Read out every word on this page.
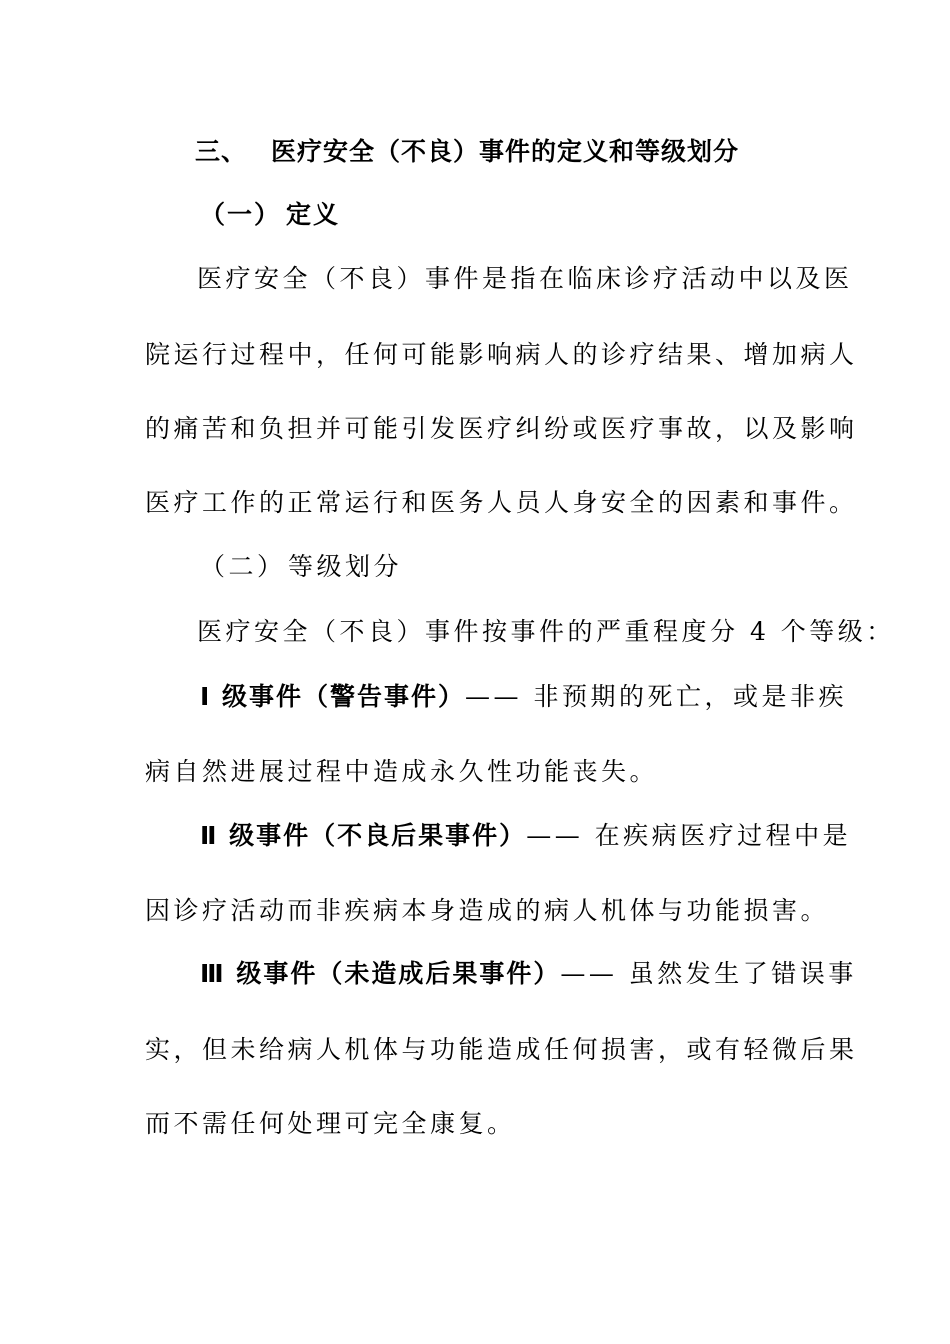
三、 医疗安全（不良）事件的定义和等级划分
（一） 定义
医疗安全（不良）事件是指在临床诊疗活动中以及医
院运行过程中，任何可能影响病人的诊疗结果、增加病人
的痛苦和负担并可能引发医疗纠纷或医疗事故，以及影响
医疗工作的正常运行和医务人员人身安全的因素和事件。
（二）等级划分
医疗安全（不良）事件按事件的严重程度分 4 个等级：
Ⅰ 级事件（警告事件）—— 非预期的死亡，或是非疾
病自然进展过程中造成永久性功能丧失。
Ⅱ 级事件（不良后果事件）—— 在疾病医疗过程中是
因诊疗活动而非疾病本身造成的病人机体与功能损害。
Ⅲ 级事件（未造成后果事件）—— 虽然发生了错误事
实，但未给病人机体与功能造成任何损害，或有轻微后果
而不需任何处理可完全康复。
